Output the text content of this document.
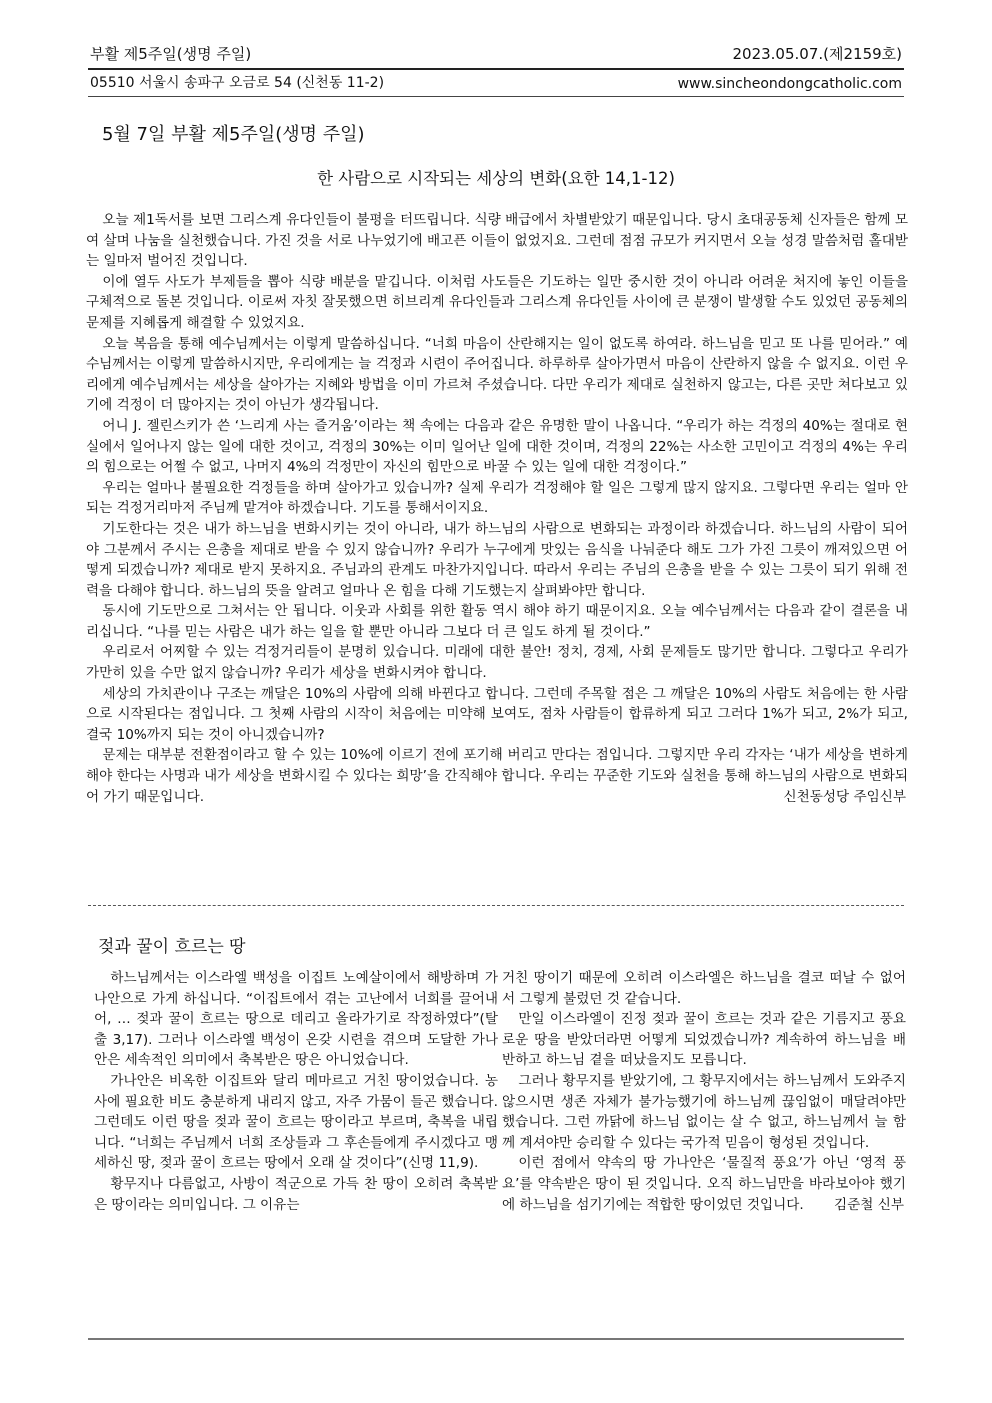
부활 제5주일(생명 주일)	2023.05.07.(제2159호)
05510 서울시 송파구 오금로 54 (신천동 11-2)	www.sincheondongcatholic.com
5월 7일 부활 제5주일(생명 주일)
한 사람으로 시작되는 세상의 변화(요한 14,1-12)

오늘 제1독서를 보면 그리스계 유다인들이 불평을 터뜨립니다. 식량 배급에서 차별받았기 때문입니다. 당시 초대공동체 신자들은 함께 모여 살며 나눔을 실천했습니다. 가진 것을 서로 나누었기에 배고픈 이들이 없었지요. 그런데 점점 규모가 커지면서 오늘 성경 말씀처럼 홀대받는 일마저 벌어진 것입니다.

이에 열두 사도가 부제들을 뽑아 식량 배분을 맡깁니다. 이처럼 사도들은 기도하는 일만 중시한 것이 아니라 어려운 처지에 놓인 이들을 구체적으로 돌본 것입니다. 이로써 자칫 잘못했으면 히브리계 유다인들과 그리스계 유다인들 사이에 큰 분쟁이 발생할 수도 있었던 공동체의 문제를 지혜롭게 해결할 수 있었지요.

오늘 복음을 통해 예수님께서는 이렇게 말씀하십니다. “너희 마음이 산란해지는 일이 없도록 하여라. 하느님을 믿고 또 나를 믿어라.” 예수님께서는 이렇게 말씀하시지만, 우리에게는 늘 걱정과 시련이 주어집니다. 하루하루 살아가면서 마음이 산란하지 않을 수 없지요. 이런 우리에게 예수님께서는 세상을 살아가는 지혜와 방법을 이미 가르쳐 주셨습니다. 다만 우리가 제대로 실천하지 않고는, 다른 곳만 쳐다보고 있기에 걱정이 더 많아지는 것이 아닌가 생각됩니다.

어니 J. 젤린스키가 쓴 ‘느리게 사는 즐거움’이라는 책 속에는 다음과 같은 유명한 말이 나옵니다. “우리가 하는 걱정의 40%는 절대로 현실에서 일어나지 않는 일에 대한 것이고, 걱정의 30%는 이미 일어난 일에 대한 것이며, 걱정의 22%는 사소한 고민이고 걱정의 4%는 우리의 힘으로는 어쩔 수 없고, 나머지 4%의 걱정만이 자신의 힘만으로 바꿀 수 있는 일에 대한 걱정이다.”

우리는 얼마나 불필요한 걱정들을 하며 살아가고 있습니까? 실제 우리가 걱정해야 할 일은 그렇게 많지 않지요. 그렇다면 우리는 얼마 안 되는 걱정거리마저 주님께 맡겨야 하겠습니다. 기도를 통해서이지요.

기도한다는 것은 내가 하느님을 변화시키는 것이 아니라, 내가 하느님의 사람으로 변화되는 과정이라 하겠습니다. 하느님의 사람이 되어야 그분께서 주시는 은총을 제대로 받을 수 있지 않습니까? 우리가 누구에게 맛있는 음식을 나눠준다 해도 그가 가진 그릇이 깨져있으면 어떻게 되겠습니까? 제대로 받지 못하지요. 주님과의 관계도 마찬가지입니다. 따라서 우리는 주님의 은총을 받을 수 있는 그릇이 되기 위해 전력을 다해야 합니다. 하느님의 뜻을 알려고 얼마나 온 힘을 다해 기도했는지 살펴봐야만 합니다.

동시에 기도만으로 그쳐서는 안 됩니다. 이웃과 사회를 위한 활동 역시 해야 하기 때문이지요. 오늘 예수님께서는 다음과 같이 결론을 내리십니다. “나를 믿는 사람은 내가 하는 일을 할 뿐만 아니라 그보다 더 큰 일도 하게 될 것이다.”

우리로서 어찌할 수 있는 걱정거리들이 분명히 있습니다. 미래에 대한 불안! 정치, 경제, 사회 문제들도 많기만 합니다. 그렇다고 우리가 가만히 있을 수만 없지 않습니까? 우리가 세상을 변화시켜야 합니다.

세상의 가치관이나 구조는 깨달은 10%의 사람에 의해 바뀐다고 합니다. 그런데 주목할 점은 그 깨달은 10%의 사람도 처음에는 한 사람으로 시작된다는 점입니다. 그 첫째 사람의 시작이 처음에는 미약해 보여도, 점차 사람들이 합류하게 되고 그러다 1%가 되고, 2%가 되고, 결국 10%까지 되는 것이 아니겠습니까?

문제는 대부분 전환점이라고 할 수 있는 10%에 이르기 전에 포기해 버리고 만다는 점입니다. 그렇지만 우리 각자는 ‘내가 세상을 변하게 해야 한다는 사명과 내가 세상을 변화시킬 수 있다는 희망’을 간직해야 합니다. 우리는 꾸준한 기도와 실천을 통해 하느님의 사람으로 변화되어 가기 때문입니다.	신천동성당 주임신부

젖과 꿀이 흐르는 땅

하느님께서는 이스라엘 백성을 이집트 노예살이에서 해방하며 가나안으로 가게 하십니다. “이집트에서 겪는 고난에서 너희를 끌어내어, … 젖과 꿀이 흐르는 땅으로 데리고 올라가기로 작정하였다”(탈출 3,17). 그러나 이스라엘 백성이 온갖 시련을 겪으며 도달한 가나안은 세속적인 의미에서 축복받은 땅은 아니었습니다.

가나안은 비옥한 이집트와 달리 메마르고 거친 땅이었습니다. 농사에 필요한 비도 충분하게 내리지 않고, 자주 가뭄이 들곤 했습니다. 그런데도 이런 땅을 젖과 꿀이 흐르는 땅이라고 부르며, 축복을 내립니다. “너희는 주님께서 너희 조상들과 그 후손들에게 주시겠다고 맹세하신 땅, 젖과 꿀이 흐르는 땅에서 오래 살 것이다”(신명 11,9).

황무지나 다름없고, 사방이 적군으로 가득 찬 땅이 오히려 축복받은 땅이라는 의미입니다. 그 이유는

거친 땅이기 때문에 오히려 이스라엘은 하느님을 결코 떠날 수 없어서 그렇게 불렀던 것 같습니다.

만일 이스라엘이 진정 젖과 꿀이 흐르는 것과 같은 기름지고 풍요로운 땅을 받았더라면 어떻게 되었겠습니까? 계속하여 하느님을 배반하고 하느님 곁을 떠났을지도 모릅니다.

그러나 황무지를 받았기에, 그 황무지에서는 하느님께서 도와주지 않으시면 생존 자체가 불가능했기에 하느님께 끊임없이 매달려야만 했습니다. 그런 까닭에 하느님 없이는 살 수 없고, 하느님께서 늘 함께 계셔야만 승리할 수 있다는 국가적 믿음이 형성된 것입니다.

이런 점에서 약속의 땅 가나안은 ‘물질적 풍요’가 아닌 ‘영적 풍요’를 약속받은 땅이 된 것입니다. 오직 하느님만을 바라보아야 했기에 하느님을 섬기기에는 적합한 땅이었던 것입니다.	김준철 신부
